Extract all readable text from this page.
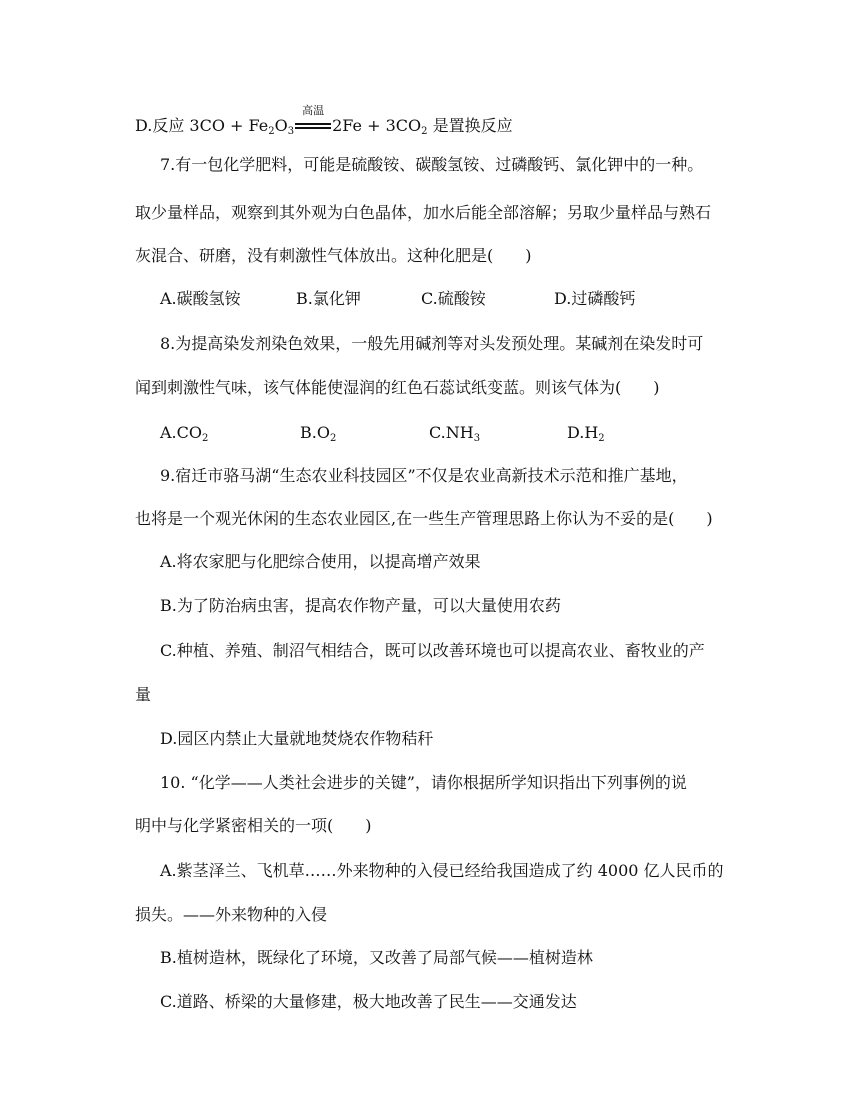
D.反应 $3CO + Fe_2O_3$
高温
$2Fe + 3CO_2$ 是置换反应
7.有一包化学肥料，可能是硫酸铵、碳酸氢铵、过磷酸钙、氯化钾中的一种。
取少量样品，观察到其外观为白色晶体，加水后能全部溶解；另取少量样品与熟石
灰混合、研磨，没有刺激性气体放出。这种化肥是(　　)
A.碳酸氢铵	B.氯化钾	C.硫酸铵	D.过磷酸钙
8.为提高染发剂染色效果，一般先用碱剂等对头发预处理。某碱剂在染发时可
闻到刺激性气味，该气体能使湿润的红色石蕊试纸变蓝。则该气体为(　　)
$A.CO_2$	$B.O_2$	$C.NH_3$	$D.H_2$
9.宿迁市骆马湖“生态农业科技园区”不仅是农业高新技术示范和推广基地，
也将是一个观光休闲的生态农业园区,在一些生产管理思路上你认为不妥的是(　　)
A.将农家肥与化肥综合使用，以提高增产效果
B.为了防治病虫害，提高农作物产量，可以大量使用农药
C.种植、养殖、制沼气相结合，既可以改善环境也可以提高农业、畜牧业的产
量
D.园区内禁止大量就地焚烧农作物秸秆
10. “化学——人类社会进步的关键”，请你根据所学知识指出下列事例的说
明中与化学紧密相关的一项(　　)
A.紫茎泽兰、飞机草……外来物种的入侵已经给我国造成了约 4000 亿人民币的
损失。——外来物种的入侵
B.植树造林，既绿化了环境，又改善了局部气候——植树造林
C.道路、桥梁的大量修建，极大地改善了民生——交通发达
